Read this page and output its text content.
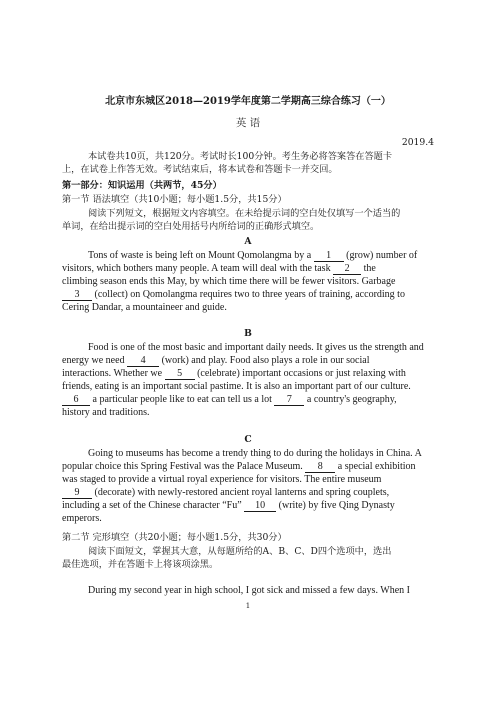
北京市东城区2018—2019学年度第二学期高三综合练习（一）
英 语
2019.4
本试卷共10页，共120分。考试时长100分钟。考生务必将答案答在答题卡
上，在试卷上作答无效。考试结束后，将本试卷和答题卡一并交回。
第一部分：知识运用（共两节，45分）
第一节 语法填空（共10小题；每小题1.5分，共15分）
阅读下列短文，根据短文内容填空。在未给提示词的空白处仅填写一个适当的
单词，在给出提示词的空白处用括号内所给词的正确形式填空。
A
Tons of waste is being left on Mount Qomolangma by a 1 (grow) number of
visitors, which bothers many people. A team will deal with the task 2 the
climbing season ends this May, by which time there will be fewer visitors. Garbage
3 (collect) on Qomolangma requires two to three years of training, according to
Cering Dandar, a mountaineer and guide.
B
Food is one of the most basic and important daily needs. It gives us the strength and
energy we need 4 (work) and play. Food also plays a role in our social
interactions. Whether we 5 (celebrate) important occasions or just relaxing with
friends, eating is an important social pastime. It is also an important part of our culture.
6 a particular people like to eat can tell us a lot 7 a country's geography,
history and traditions.
C
Going to museums has become a trendy thing to do during the holidays in China. A
popular choice this Spring Festival was the Palace Museum. 8 a special exhibition
was staged to provide a virtual royal experience for visitors. The entire museum
9 (decorate) with newly-restored ancient royal lanterns and spring couplets,
including a set of the Chinese character “Fu” 10 (write) by five Qing Dynasty
emperors.
第二节 完形填空（共20小题；每小题1.5分，共30分）
阅读下面短文，掌握其大意，从每题所给的A、B、C、D四个选项中，选出
最佳选项，并在答题卡上将该项涂黑。
During my second year in high school, I got sick and missed a few days. When I
1
